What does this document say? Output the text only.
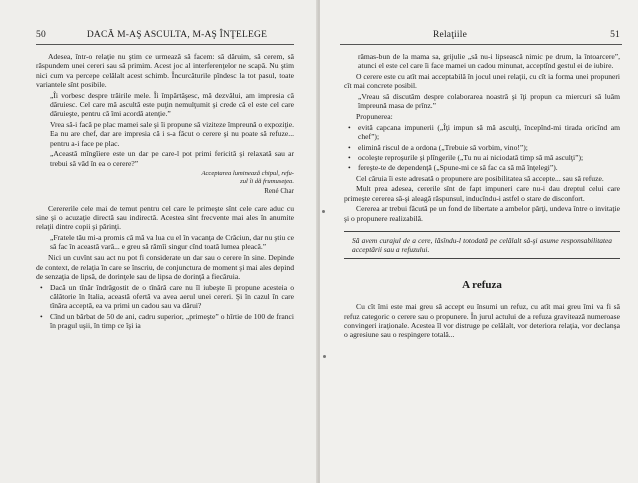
50	DACĂ M-AŞ ASCULTA, M-AŞ ÎNŢELEGE

Adesea, într-o relaţie nu ştim ce urmează să facem: să dăruim, să cerem, să răspundem unei cereri sau să primim. Acest joc al interferenţelor ne scapă. Nu ştim nici cum va percepe celălalt acest schimb. Încurcăturile pîndesc la tot pasul, toate variantele sînt posibile.

„Îi vorbesc despre trăirile mele. Îi împărtăşesc, mă dezvălui, am impresia că dăruiesc. Cel care mă ascultă este puţin nemulţumit şi crede că el este cel care dăruieşte, pentru că îmi acordă atenţie.”

Vrea să-i facă pe plac mamei sale şi îi propune să viziteze împreună o expoziţie. Ea nu are chef, dar are impresia că i s-a făcut o cerere şi nu poate să refuze... pentru a-i face pe plac.

„Această mîngîiere este un dar pe care-l pot primi fericită şi relaxată sau ar trebui să văd în ea o cerere?”

Acceptarea luminează chipul, refu-
zul îi dă frumuseţea.
René Char

Cerererile cele mai de temut pentru cel care le primeşte sînt cele care aduc cu sine şi o acuzaţie directă sau indirectă. Acestea sînt frecvente mai ales în anumite relaţii dintre copii şi părinţi.

„Fratele tău mi-a promis că mă va lua cu el în vacanţa de Crăciun, dar nu ştiu ce să fac în această vară... e greu să rămîi singur cînd toată lumea pleacă.”

Nici un cuvînt sau act nu pot fi considerate un dar sau o cerere în sine. Depinde de context, de relaţia în care se înscriu, de conjunctura de moment şi mai ales depind de senzaţia de lipsă, de dorinţele sau de lipsa de dorinţă a fiecăruia.

• Dacă un tînăr îndrăgostit de o tînără care nu îl iubeşte îi propune acesteia o călătorie în Italia, această ofertă va avea aerul unei cereri. Şi în cazul în care tînăra acceptă, ea va primi un cadou sau va dărui?
• Cînd un bărbat de 50 de ani, cadru superior, „primeşte” o hîrtie de 100 de franci în pragul uşii, în timp ce îşi ia
Relaţiile	51

rămas-bun de la mama sa, grijulie „să nu-i lipsească nimic pe drum, la întoarcere”, atunci el este cel care îi face mamei un cadou minunat, acceptînd gestul ei de iubire.

O cerere este cu atît mai acceptabilă în jocul unei relaţii, cu cît ia forma unei propuneri cît mai concrete posibil.

„Vreau să discutăm despre colaborarea noastră şi îţi propun ca miercuri să luăm împreună masa de prînz.”

Propunerea:

• evită capcana impunerii („Îţi impun să mă asculţi, începînd-mi tirada oricînd am chef”);
• elimină riscul de a ordona („Trebuie să vorbim, vino!”);
• ocoleşte reproşurile şi plîngerile („Tu nu ai niciodată timp să mă asculţi”);
• fereşte-te de dependenţă („Spune-mi ce să fac ca să mă înţelegi”).

Cel căruia îi este adresată o propunere are posibilitatea să accepte... sau să refuze.

Mult prea adesea, cererile sînt de fapt impuneri care nu-i dau dreptul celui care primeşte cererea să-şi aleagă răspunsul, inducîndu-i astfel o stare de disconfort.

Cererea ar trebui făcută pe un fond de libertate a ambelor părţi, undeva între o invitaţie şi o propunere realizabilă.

Să avem curajul de a cere, lăsîndu-l totodată pe celălalt să-şi asume responsabilitatea acceptării sau a refuzului.
A refuza

Cu cît îmi este mai greu să accept eu însumi un refuz, cu atît mai greu îmi va fi să refuz categoric o cerere sau o propunere. În jurul actului de a refuza gravitează numeroase convingeri iraţionale. Acestea îl vor distruge pe celălalt, vor deteriora relaţia, vor declanşa o agresiune sau o respingere totală...
